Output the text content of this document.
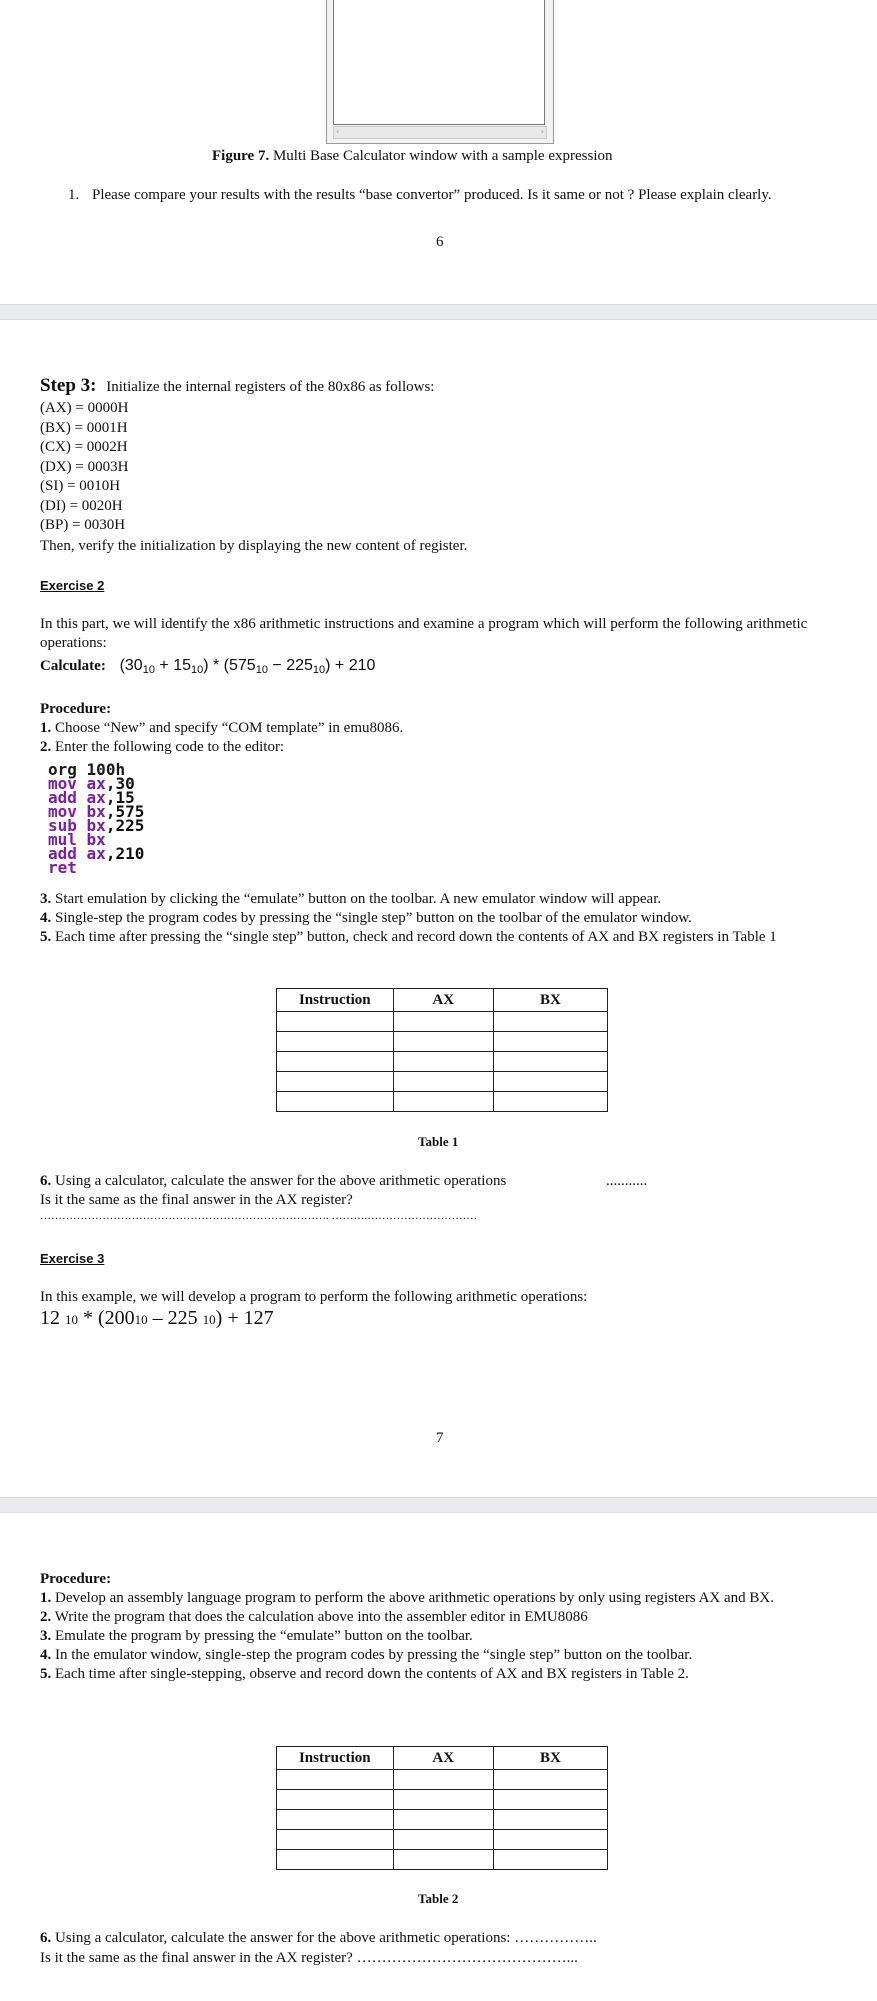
‹	›
Figure 7. Multi Base Calculator window with a sample expression
1. Please compare your results with the results “base convertor” produced. Is it same or not ? Please explain clearly.
6
Step 3: Initialize the internal registers of the 80x86 as follows:
(AX) = 0000H
(BX) = 0001H
(CX) = 0002H
(DX) = 0003H
(SI) = 0010H
(DI) = 0020H
(BP) = 0030H
Then, verify the initialization by displaying the new content of register.
Exercise 2
In this part, we will identify the x86 arithmetic instructions and examine a program which will perform the following arithmetic operations:
Calculate: $(30_{10} + 15_{10}) * (575_{10} - 225_{10}) + 210$
Procedure:
1. Choose “New” and specify “COM template” in emu8086.
2. Enter the following code to the editor:
org 100h
mov ax,30
add ax,15
mov bx,575
sub bx,225
mul bx
add ax,210
ret
3. Start emulation by clicking the “emulate” button on the toolbar. A new emulator window will appear.
4. Single-step the program codes by pressing the “single step” button on the toolbar of the emulator window.
5. Each time after pressing the “single step” button, check and record down the contents of AX and BX registers in Table 1
Instruction	AX	BX

Table 1
6. Using a calculator, calculate the answer for the above arithmetic operations	...........
Is it the same as the final answer in the AX register?
……………………………………………………………………. ……….…………………………
Exercise 3
In this example, we will develop a program to perform the following arithmetic operations:
12 10 * (20010 – 225 10) + 127
7
Procedure:
1. Develop an assembly language program to perform the above arithmetic operations by only using registers AX and BX.
2. Write the program that does the calculation above into the assembler editor in EMU8086
3. Emulate the program by pressing the “emulate” button on the toolbar.
4. In the emulator window, single-step the program codes by pressing the “single step” button on the toolbar.
5. Each time after single-stepping, observe and record down the contents of AX and BX registers in Table 2.
Instruction	AX	BX

Table 2
6. Using a calculator, calculate the answer for the above arithmetic operations: ……………..
Is it the same as the final answer in the AX register? ……………………………………...
